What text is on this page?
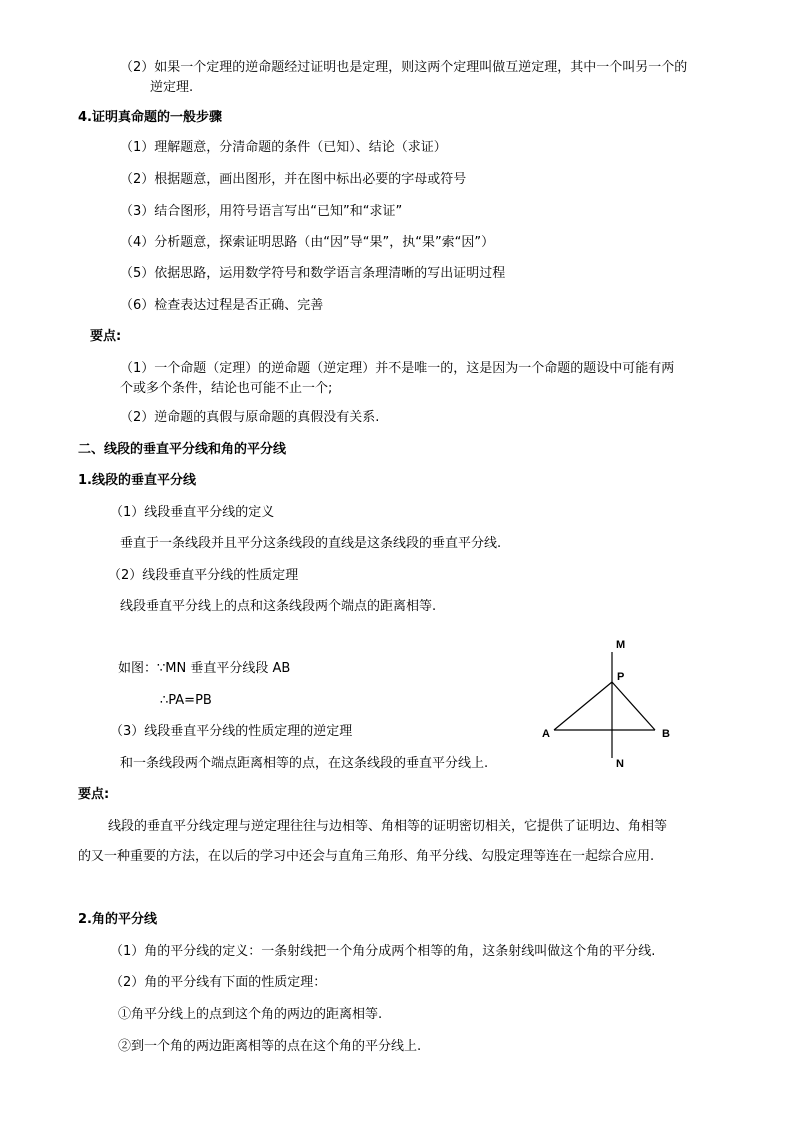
（2）如果一个定理的逆命题经过证明也是定理，则这两个定理叫做互逆定理，其中一个叫另一个的
逆定理.
4.证明真命题的一般步骤
（1）理解题意，分清命题的条件（已知）、结论（求证）
（2）根据题意，画出图形，并在图中标出必要的字母或符号
（3）结合图形，用符号语言写出“已知”和“求证”
（4）分析题意，探索证明思路（由“因”导“果”，执“果”索“因”）
（5）依据思路，运用数学符号和数学语言条理清晰的写出证明过程
（6）检查表达过程是否正确、完善
要点:
（1）一个命题（定理）的逆命题（逆定理）并不是唯一的，这是因为一个命题的题设中可能有两
个或多个条件，结论也可能不止一个;
（2）逆命题的真假与原命题的真假没有关系.
二、线段的垂直平分线和角的平分线
1.线段的垂直平分线
（1）线段垂直平分线的定义
垂直于一条线段并且平分这条线段的直线是这条线段的垂直平分线.
（2）线段垂直平分线的性质定理
线段垂直平分线上的点和这条线段两个端点的距离相等.
如图：∵MN 垂直平分线段 AB
∴PA=PB
（3）线段垂直平分线的性质定理的逆定理
和一条线段两个端点距离相等的点，在这条线段的垂直平分线上.
M
P
A	B
N
要点:
线段的垂直平分线定理与逆定理往往与边相等、角相等的证明密切相关，它提供了证明边、角相等
的又一种重要的方法，在以后的学习中还会与直角三角形、角平分线、勾股定理等连在一起综合应用.
2.角的平分线
（1）角的平分线的定义：一条射线把一个角分成两个相等的角，这条射线叫做这个角的平分线.
（2）角的平分线有下面的性质定理：
①角平分线上的点到这个角的两边的距离相等.
②到一个角的两边距离相等的点在这个角的平分线上.
